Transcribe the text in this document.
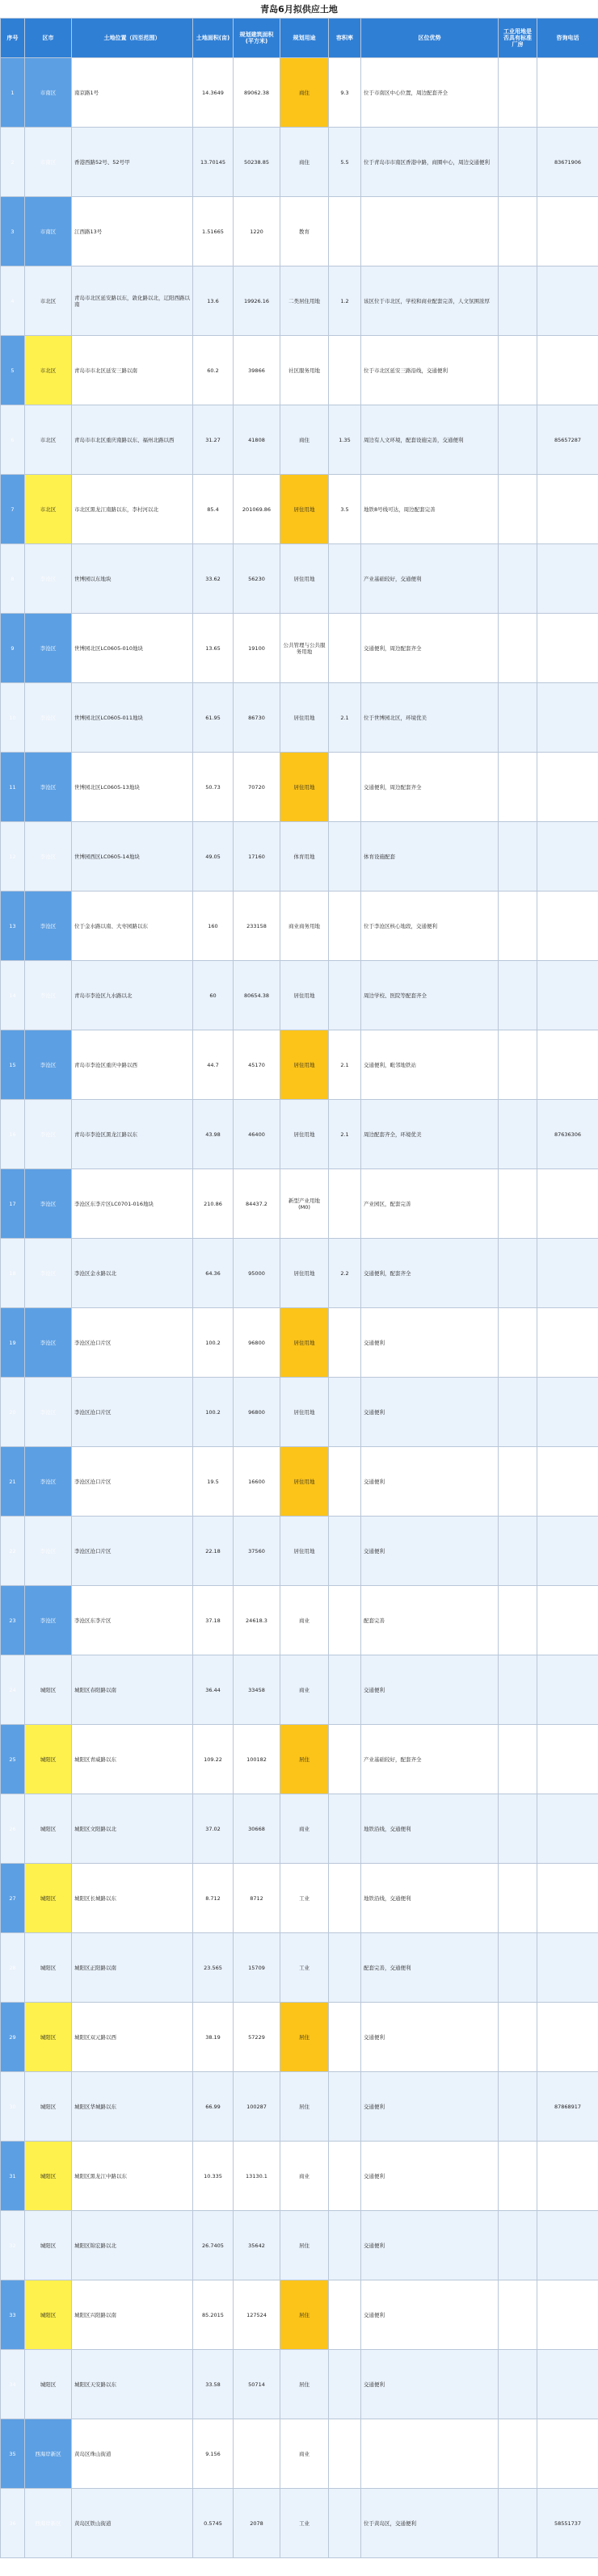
青岛6月拟供应土地
序号	区市	土地位置（四至范围）	土地面积(亩)	规划建筑面积(平方米)	规划用途	容积率	区位优势	工业用地是否具有标准厂房	咨询电话
1	市南区	南京路1号	14.3649	89062.38	商住	9.3	位于市南区中心位置，周边配套齐全		
2	市南区	香港西路52号、52号甲	13.70145	50238.85	商住	5.5	位于青岛市市南区香港中路，商圈中心，周边交通便利		83671906
3	市南区	江西路13号	1.51665	1220	教育				
4	市北区	青岛市北区延安路以东，敦化路以北，辽阳西路以南	13.6	19926.16	二类居住用地	1.2	该区位于市北区，学校和商业配套完善，人文氛围浓厚		
5	市北区	青岛市市北区延安三路以南	60.2	39866	社区服务用地		位于市北区延安三路沿线，交通便利		
6	市北区	青岛市市北区重庆南路以东、福州北路以西	31.27	41808	商住	1.35	周边有人文环境，配套设施完善，交通便利		85657287
7	市北区	市北区黑龙江南路以东，李村河以北	85.4	201069.86	居住用地	3.5	地铁8号线可达，周边配套完善		
8	李沧区	世博园以东地块	33.62	56230	居住用地		产业基础较好，交通便利		
9	李沧区	世博园北区LC0605-010地块	13.65	19100	公共管理与公共服务用地		交通便利，周边配套齐全		
10	李沧区	世博园北区LC0605-011地块	61.95	86730	居住用地	2.1	位于世博园北区，环境优美		
11	李沧区	世博园北区LC0605-13地块	50.73	70720	居住用地		交通便利，周边配套齐全		
12	李沧区	世博园西区LC0605-14地块	49.05	17160	体育用地		体育设施配套		
13	李沧区	位于金水路以南、大枣园路以东	160	233158	商业商务用地		位于李沧区核心地段，交通便利		
14	李沧区	青岛市李沧区九水路以北	60	80654.38	居住用地		周边学校、医院等配套齐全		
15	李沧区	青岛市李沧区重庆中路以西	44.7	45170	居住用地	2.1	交通便利，毗邻地铁站		
16	李沧区	青岛市李沧区黑龙江路以东	43.98	46400	居住用地	2.1	周边配套齐全，环境优美		87636306
17	李沧区	李沧区东李片区LC0701-016地块	210.86	84437.2	新型产业用地(M0)		产业园区，配套完善		
18	李沧区	李沧区金水路以北	64.36	95000	居住用地	2.2	交通便利，配套齐全		
19	李沧区	李沧区沧口片区	100.2	96800	居住用地		交通便利		
20	李沧区	李沧区沧口片区	100.2	96800	居住用地		交通便利		
21	李沧区	李沧区沧口片区	19.5	16600	居住用地		交通便利		
22	李沧区	李沧区沧口片区	22.18	37560	居住用地		交通便利		
23	李沧区	李沧区东李片区	37.18	24618.3	商业		配套完善		
24	城阳区	城阳区春阳路以南	36.44	33458	商业		交通便利		
25	城阳区	城阳区青威路以东	109.22	100182	居住		产业基础较好，配套齐全		
26	城阳区	城阳区文阳路以北	37.02	30668	商业		地铁沿线，交通便利		
27	城阳区	城阳区长城路以东	8.712	8712	工业		地铁沿线，交通便利		
28	城阳区	城阳区正阳路以南	23.565	15709	工业		配套完善，交通便利		
29	城阳区	城阳区双元路以西	38.19	57229	居住		交通便利		
30	城阳区	城阳区华城路以东	66.99	100287	居住		交通便利		87868917
31	城阳区	城阳区黑龙江中路以东	10.335	13130.1	商业		交通便利		
32	城阳区	城阳区锦宏路以北	26.7405	35642	居住		交通便利		
33	城阳区	城阳区兴阳路以南	85.2015	127524	居住		交通便利		
34	城阳区	城阳区天安路以东	33.58	50714	居住		交通便利		
35	西海岸新区	黄岛区珠山街道	9.156		商业				
36	西海岸新区	黄岛区铁山街道	0.5745	2078	工业		位于黄岛区，交通便利		58551737
